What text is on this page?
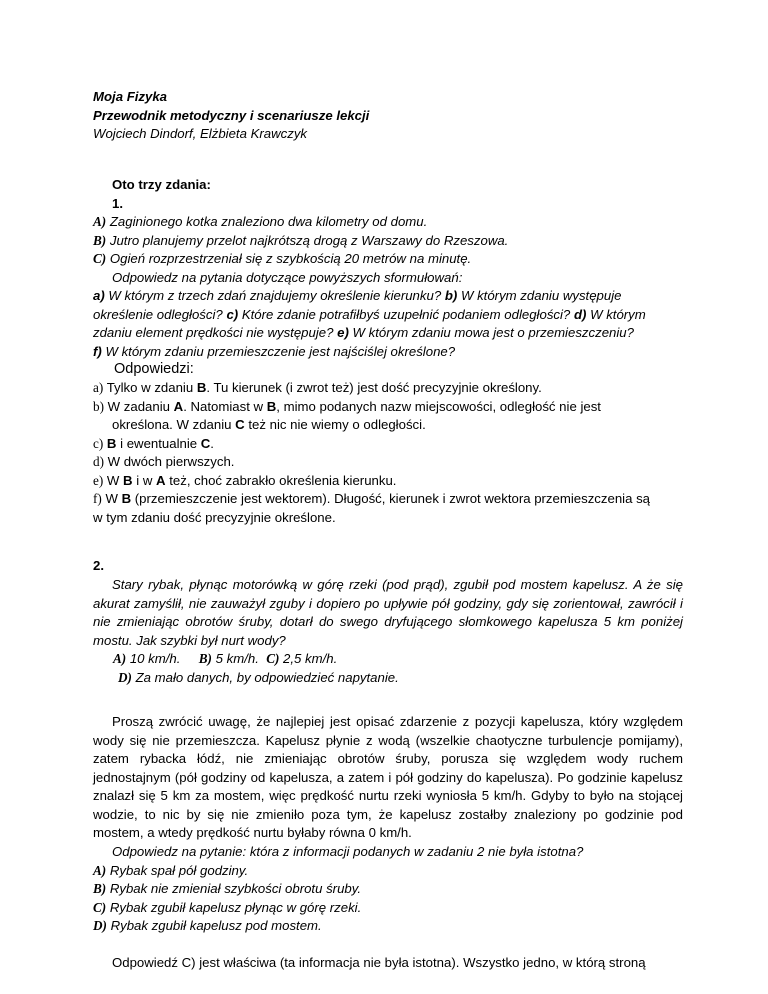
Moja Fizyka
Przewodnik metodyczny i scenariusze lekcji
Wojciech Dindorf, Elżbieta Krawczyk
Oto trzy zdania:
1.
A) Zaginionego kotka znaleziono dwa kilometry od domu.
B) Jutro planujemy przelot najkrótszą drogą z Warszawy do Rzeszowa.
C) Ogień rozprzestrzeniał się z szybkością 20 metrów na minutę.
Odpowiedz na pytania dotyczące powyższych sformułowań:
a) W którym z trzech zdań znajdujemy określenie kierunku? b) W którym zdaniu występuje
określenie odległości? c) Które zdanie potrafiłbyś uzupełnić podaniem odległości? d) W którym
zdaniu element prędkości nie występuje? e) W którym zdaniu mowa jest o przemieszczeniu?
f) W którym zdaniu przemieszczenie jest najściślej określone?
Odpowiedzi:
a) Tylko w zdaniu B. Tu kierunek (i zwrot też) jest dość precyzyjnie określony.
b) W zadaniu A. Natomiast w B, mimo podanych nazw miejscowości, odległość nie jest
określona. W zdaniu C też nic nie wiemy o odległości.
c) B i ewentualnie C.
d) W dwóch pierwszych.
e) W B i w A też, choć zabrakło określenia kierunku.
f) W B (przemieszczenie jest wektorem). Długość, kierunek i zwrot wektora przemieszczenia są
w tym zdaniu dość precyzyjnie określone.
2.
Stary rybak, płynąc motorówką w górę rzeki (pod prąd), zgubił pod mostem kapelusz. A że się akurat zamyślił, nie zauważył zguby i dopiero po upływie pół godziny, gdy się zorientował, zawrócił i nie zmieniając obrotów śruby, dotarł do swego dryfującego słomkowego kapelusza 5 km poniżej mostu. Jak szybki był nurt wody?
A) 10 km/h. B) 5 km/h. C) 2,5 km/h.
D) Za mało danych, by odpowiedzieć napytanie.
Proszą zwrócić uwagę, że najlepiej jest opisać zdarzenie z pozycji kapelusza, który względem wody się nie przemieszcza. Kapelusz płynie z wodą (wszelkie chaotyczne turbulencje pomijamy), zatem rybacka łódź, nie zmieniając obrotów śruby, porusza się względem wody ruchem jednostajnym (pół godziny od kapelusza, a zatem i pół godziny do kapelusza). Po godzinie kapelusz znalazł się 5 km za mostem, więc prędkość nurtu rzeki wyniosła 5 km/h. Gdyby to było na stojącej wodzie, to nic by się nie zmieniło poza tym, że kapelusz zostałby znaleziony po godzinie pod mostem, a wtedy prędkość nurtu byłaby równa 0 km/h.
Odpowiedz na pytanie: która z informacji podanych w zadaniu 2 nie była istotna?
A) Rybak spał pół godziny.
B) Rybak nie zmieniał szybkości obrotu śruby.
C) Rybak zgubił kapelusz płynąc w górę rzeki.
D) Rybak zgubił kapelusz pod mostem.
Odpowiedź C) jest właściwa (ta informacja nie była istotna). Wszystko jedno, w którą stroną
